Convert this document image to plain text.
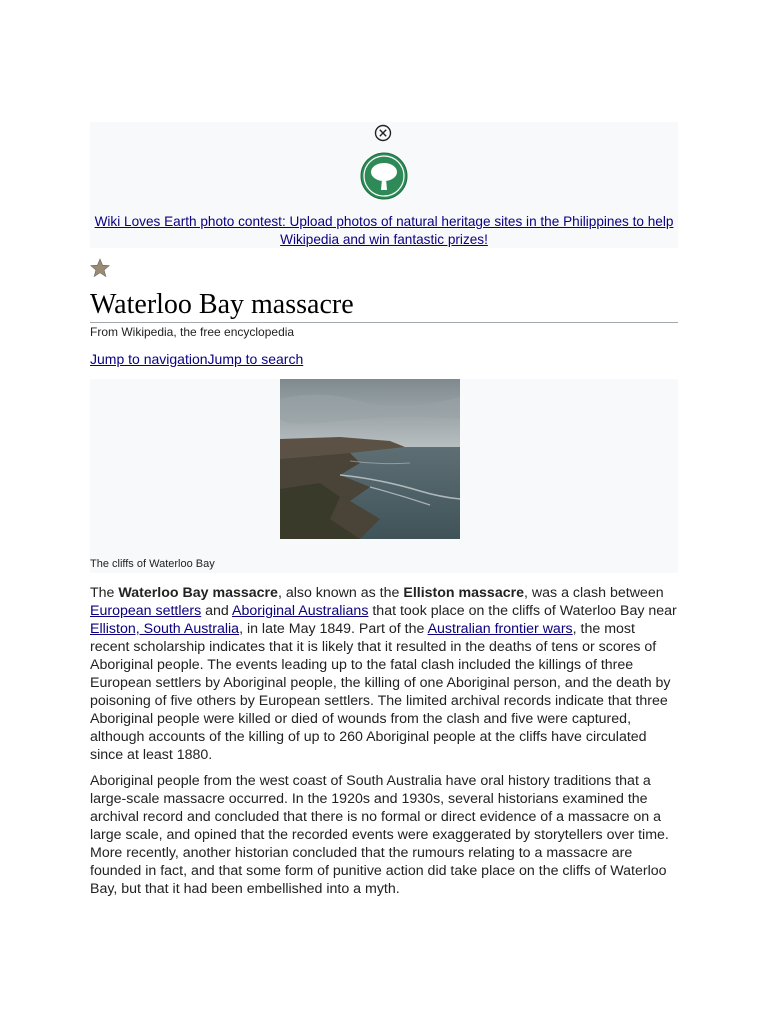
Wiki Loves Earth photo contest: Upload photos of natural heritage sites in the Philippines to help Wikipedia and win fantastic prizes!
Waterloo Bay massacre
From Wikipedia, the free encyclopedia
Jump to navigationJump to search
The cliffs of Waterloo Bay

The Waterloo Bay massacre, also known as the Elliston massacre, was a clash between European settlers and Aboriginal Australians that took place on the cliffs of Waterloo Bay near Elliston, South Australia, in late May 1849. Part of the Australian frontier wars, the most recent scholarship indicates that it is likely that it resulted in the deaths of tens or scores of Aboriginal people. The events leading up to the fatal clash included the killings of three European settlers by Aboriginal people, the killing of one Aboriginal person, and the death by poisoning of five others by European settlers. The limited archival records indicate that three Aboriginal people were killed or died of wounds from the clash and five were captured, although accounts of the killing of up to 260 Aboriginal people at the cliffs have circulated since at least 1880.

Aboriginal people from the west coast of South Australia have oral history traditions that a large-scale massacre occurred. In the 1920s and 1930s, several historians examined the archival record and concluded that there is no formal or direct evidence of a massacre on a large scale, and opined that the recorded events were exaggerated by storytellers over time. More recently, another historian concluded that the rumours relating to a massacre are founded in fact, and that some form of punitive action did take place on the cliffs of Waterloo Bay, but that it had been embellished into a myth.
